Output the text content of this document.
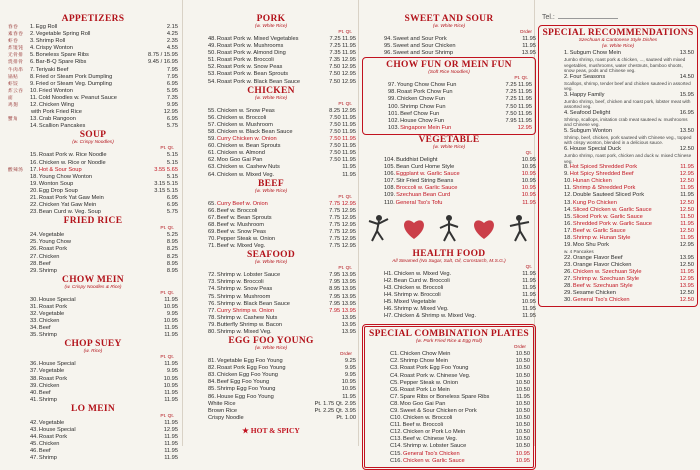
APPETIZERS
春卷	1. Egg Roll	2.15
素春卷	2. Vegetable Spring Roll	4.25
虾卷	3. Shrimp Roll	2.35
炸馄饨	4. Crispy Wonton	4.55
无骨排	5. Boneless Spare Ribs	8.75 / 15.95
烧排骨	6. Bar-B-Q Spare Ribs	9.45 / 16.95
牛肉串	7. Teriyaki Beef	7.95
锅贴	8. Fried or Steam Pork Dumpling	7.95
虾饺	9. Fried or Steam Veg. Dumpling	6.95
炸云吞	10. Fried Wonton	5.95
面	11. Cold Noodles w. Peanut Sauce	7.35
鸡翅	12. Chicken Wing	9.95
with Pork Fried Rice	12.95
蟹角	13. Crab Rangoon	6.95
14. Scallion Pancakes	5.75
SOUP
(w. Crispy Noodles)
Pt. Qt.
15. Roast Pork w. Rice Noodle	5.15
16. Chicken w. Rice or Noodle	5.15
酸辣汤	17. Hot & Sour Soup	3.55 5.65
18. Young Chow Wonton	5.15
19. Wonton Soup	3.15 5.15
20. Egg Drop Soup	3.15 5.15
21. Roast Pork Yat Gaw Mein	6.95
22. Chicken Yat Gaw Mein	6.95
23. Bean Curd w. Veg. Soup	5.75
FRIED RICE
Pt. Qt.
24. Vegetable	5.25
25. Young Chow	8.95
26. Roast Pork	8.25
27. Chicken	8.25
28. Beef	8.95
29. Shrimp	8.95
CHOW MEIN
(w. Crispy Noodles & Rice)
Pt. Qt.
30. House Special	11.95
31. Roast Pork	10.95
32. Vegetable	9.95
33. Chicken	10.95
34. Beef	11.95
35. Shrimp	11.95
CHOP SUEY
(w. Rice)
Pt. Qt.
36. House Special	11.95
37. Vegetable	9.95
38. Roast Pork	10.95
39. Chicken	10.95
40. Beef	11.95
41. Shrimp	11.95
LO MEIN
Pt. Qt.
42. Vegetable	11.95
43. House Special	12.95
44. Roast Pork	11.95
45. Chicken	11.95
46. Beef	11.95
47. Shrimp	11.95
PORK
(w. White Rice)
Pt. Qt.
48. Roast Pork w. Mixed Vegetables	7.25 11.95
49. Roast Pork w. Mushrooms	7.25 11.95
50. Roast Pork w. Almond Ding	7.35 11.95
51. Roast Pork w. Broccoli	7.35 12.95
52. Roast Pork w. Snow Peas	7.50 12.95
53. Roast Pork w. Bean Sprouts	7.50 12.95
54. Roast Pork w. Black Bean Sauce	7.50 12.95
CHICKEN
(w. White Rice)
Pt. Qt.
55. Chicken w. Snow Peas	8.25 12.95
56. Chicken w. Broccoli	7.50 11.95
57. Chicken w. Mushroom	7.50 11.95
58. Chicken w. Black Bean Sauce	7.50 11.95
59. Curry Chicken w. Onion	7.50 11.95
60. Chicken w. Bean Sprouts	7.50 11.95
61. Chicken w. Almond	7.50 11.95
62. Moo Goo Gai Pan	7.50 11.95
63. Chicken w. Cashew Nuts	11.95
64. Chicken w. Mixed Veg.	11.95
BEEF
(w. White Rice)
Pt. Qt.
65. Curry Beef w. Onion	7.75 12.95
66. Beef w. Broccoli	7.75 12.95
67. Beef w. Bean Sprouts	7.75 12.95
68. Beef w. Mushroom	7.75 12.95
69. Beef w. Snow Peas	7.75 12.95
70. Pepper Steak w. Onion	7.75 12.95
71. Beef w. Mixed Veg.	7.75 12.95
SEAFOOD
(w. White Rice)
Pt. Qt.
72. Shrimp w. Lobster Sauce	7.95 13.95
73. Shrimp w. Broccoli	7.95 13.95
74. Shrimp w. Snow Peas	8.95 13.95
75. Shrimp w. Mushroom	7.95 13.95
76. Shrimp w. Black Bean Sauce	7.95 13.95
77. Curry Shrimp w. Onion	7.95 13.95
78. Shrimp w. Cashew Nuts	13.95
79. Butterfly Shrimp w. Bacon	13.95
80. Shrimp w. Mixed Veg.	13.95
EGG FOO YOUNG
(w. White Rice)
Order
81. Vegetable Egg Foo Young	9.25
82. Roast Pork Egg Foo Young	9.95
83. Chicken Egg Foo Young	9.95
84. Beef Egg Foo Young	10.95
85. Shrimp Egg Foo Young	10.95
86. House Egg Foo Young	11.95
White Rice	Pt. 1.75 Qt. 2.95
Brown Rice	Pt. 2.25 Qt. 3.95
Crispy Noodle	Pt. 1.00
★ HOT & SPICY
SWEET AND SOUR
(w. White Rice)
Order
94. Sweet and Sour Pork	11.95
95. Sweet and Sour Chicken	11.95
96. Sweet and Sour Shrimp	13.95
CHOW FUN OR MEIN FUN
(Soft Rice Noodles)
Pt. Qt.
97. Young Chow Chow Fun	7.25 11.95
98. Roast Pork Chow Fun	7.25 11.95
99. Chicken Chow Fun	7.25 11.95
100. Shrimp Chow Fun	7.50 11.95
101. Beef Chow Fun	7.50 11.95
102. House Chow Fun	7.95 11.95
103. Singapore Mein Fun	12.95
VEGETABLE
(w. White Rice)
Qt.
104. Buddhist Delight	10.95
105. Bean Curd Home Style	10.95
106. Eggplant w. Garlic Sauce	10.95
107. Stir Fried String Beans	10.95
108. Broccoli w. Garlic Sauce	10.95
109. Szechuan Bean Curd	10.95
110. General Tso's Tofu	11.95
HEALTH FOOD
All Steamed (No Sugar, Salt, Oil, Cornstarch, M.S.G.)
Qt.
H1. Chicken w. Mixed Veg.	11.95
H2. Bean Curd w. Broccoli	11.95
H3. Chicken w. Broccoli	11.95
H4. Shrimp w. Broccoli	11.95
H5. Mixed Vegetable	10.95
H6. Shrimp w. Mixed Veg.	11.95
H7. Chicken & Shrimp w. Mixed Veg.	11.95
SPECIAL COMBINATION PLATES
(w. Pork Fried Rice & Egg Roll)
Order
C1. Chicken Chow Mein	10.50
C2. Shrimp Chow Mein	10.50
C3. Roast Pork Egg Foo Young	10.50
C4. Roast Pork w. Chinese Veg.	10.50
C5. Pepper Steak w. Onion	10.50
C6. Roast Pork Lo Mein	10.50
C7. Spare Ribs or Boneless Spare Ribs	11.95
C8. Moo Goo Gai Pan	10.50
C9. Sweet & Sour Chicken or Pork	10.50
C10. Chicken w. Broccoli	10.50
C11. Beef w. Broccoli	10.50
C12. Chicken or Pork Lo Mein	10.50
C13. Beef w. Chinese Veg.	10.50
C14. Shrimp w. Lobster Sauce	10.50
C15. General Tso's Chicken	10.95
C16. Chicken w. Garlic Sauce	10.95
Tel.:
SPECIAL RECOMMENDATIONS
Szechuan & Cantonese Style Dishes
(w. White Rice)
1. Subgum Chow Mein	13.50
Jumbo shrimp, roast pork & chicken, ..., sauteed with mixed vegetables, mushrooms, water chestnuts, bamboo shoots, snow peas, pods and Chinese veg.
2. Four Seasons	14.50
Scallops, shrimp, tender beef and chicken sauteed in assorted veg.
3. Happy Family	15.95
Jumbo shrimp, beef, chicken and roast pork, lobster meat with assorted veg.
4. Seafood Delight	16.95
Shrimp, scallops, imitation crab meat sauteed w. mushrooms and Chinese veg.
5. Subgum Wonton	13.50
Shrimp, beef, chicken, pork sauteed with Chinese veg., topped with crispy wonton, blended in a delicious sauce.
6. House Special Duck	12.50
Jumbo shrimp, roast pork, chicken and duck w. mixed Chinese veg.
8. Hot Spiced Shredded Pork	11.95
9. Hot Spicy Shredded Beef	12.95
10. Hunan Chicken	12.50
11. Shrimp & Shredded Pork	11.95
12. Double Sauteed Sliced Pork	11.95
13. Kung Po Chicken	12.50
14. Sliced Chicken w. Garlic Sauce	12.50
15. Sliced Pork w. Garlic Sauce	11.50
16. Shredded Pork w. Garlic Sauce	11.95
17. Beef w. Garlic Sauce	12.50
18. Shrimp w. Hunan Style	11.95
19. Moo Shu Pork	12.95
w. 4 Pancakes
22. Orange Flavor Beef	13.95
23. Orange Flavor Chicken	12.50
26. Chicken w. Szechuan Style	11.95
27. Shrimp w. Szechuan Style	12.95
28. Beef w. Szechuan Style	13.95
29. Sesame Chicken	12.50
30. General Tso's Chicken	12.50
